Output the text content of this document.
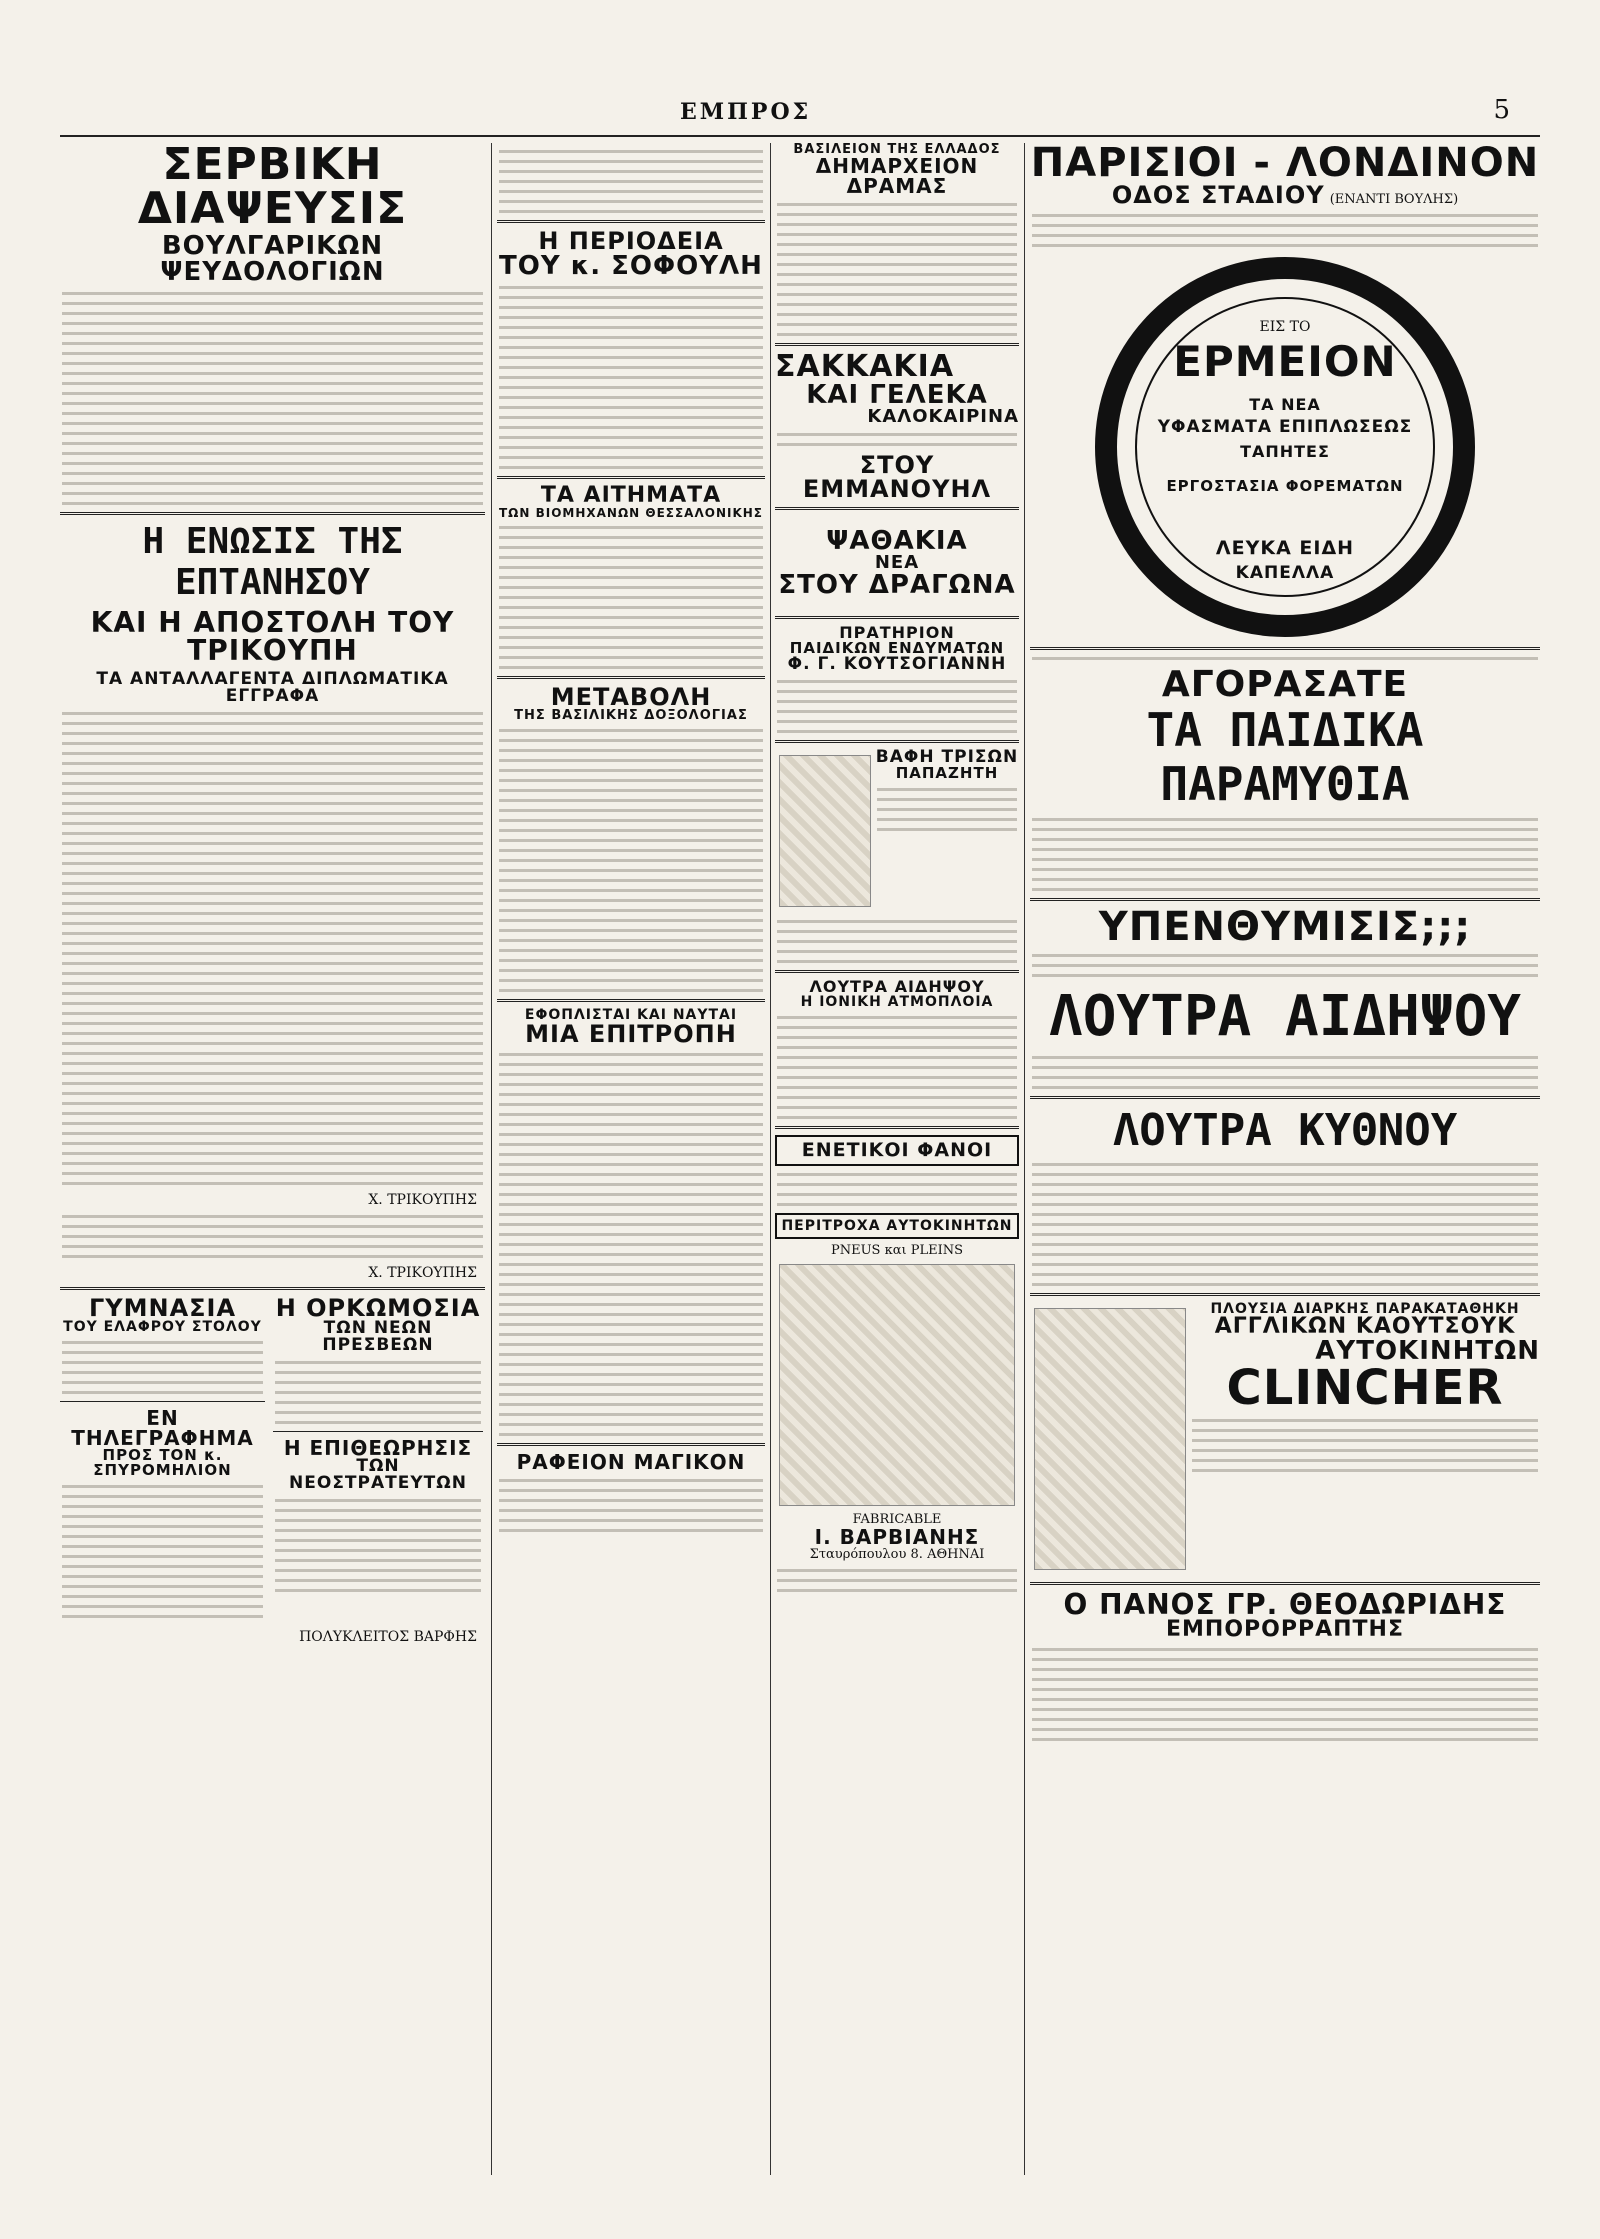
ΕΜΠΡΟΣ	5
ΣΕΡΒΙΚΗ ΔΙΑΨΕΥΣΙΣ
ΒΟΥΛΓΑΡΙΚΩΝ ΨΕΥΔΟΛΟΓΙΩΝ
Η ΕΝΩΣΙΣ ΤΗΣ ΕΠΤΑΝΗΣΟΥ
ΚΑΙ Η ΑΠΟΣΤΟΛΗ ΤΟΥ ΤΡΙΚΟΥΠΗ
ΤΑ ΑΝΤΑΛΛΑΓΕΝΤΑ ΔΙΠΛΩΜΑΤΙΚΑ ΕΓΓΡΑΦΑ
Χ. ΤΡΙΚΟΥΠΗΣ
Χ. ΤΡΙΚΟΥΠΗΣ
ΓΥΜΝΑΣΙΑ
ΤΟΥ ΕΛΑΦΡΟΥ ΣΤΟΛΟΥ
ΕΝ ΤΗΛΕΓΡΑΦΗΜΑ
ΠΡΟΣ ΤΟΝ κ. ΣΠΥΡΟΜΗΛΙΟΝ
Η ΟΡΚΩΜΟΣΙΑ
ΤΩΝ ΝΕΩΝ ΠΡΕΣΒΕΩΝ
Η ΕΠΙΘΕΩΡΗΣΙΣ
ΤΩΝ ΝΕΟΣΤΡΑΤΕΥΤΩΝ
ΠΟΛΥΚΛΕΙΤΟΣ ΒΑΡΦΗΣ
Η ΠΕΡΙΟΔΕΙΑ
ΤΟΥ κ. ΣΟΦΟΥΛΗ
ΤΑ ΑΙΤΗΜΑΤΑ
ΤΩΝ ΒΙΟΜΗΧΑΝΩΝ ΘΕΣΣΑΛΟΝΙΚΗΣ
ΜΕΤΑΒΟΛΗ
ΤΗΣ ΒΑΣΙΛΙΚΗΣ ΔΟΞΟΛΟΓΙΑΣ
ΕΦΟΠΛΙΣΤΑΙ ΚΑΙ ΝΑΥΤΑΙ
ΜΙΑ ΕΠΙΤΡΟΠΗ
ΡΑΦΕΙΟΝ ΜΑΓΙΚΟΝ
ΒΑΣΙΛΕΙΟΝ ΤΗΣ ΕΛΛΑΔΟΣ
ΔΗΜΑΡΧΕΙΟΝ ΔΡΑΜΑΣ
ΣΑΚΚΑΚΙΑ
ΚΑΙ ΓΕΛΕΚΑ
ΚΑΛΟΚΑΙΡΙΝΑ
ΣΤΟΥ ΕΜΜΑΝΟΥΗΛ
ΨΑΘΑΚΙΑ
ΝΕΑ
ΣΤΟΥ ΔΡΑΓΩΝΑ
ΠΡΑΤΗΡΙΟΝ
ΠΑΙΔΙΚΩΝ ΕΝΔΥΜΑΤΩΝ
Φ. Γ. ΚΟΥΤΣΟΓΙΑΝΝΗ
ΒΑΦΗ ΤΡΙΣΩΝ
ΠΑΠΑΖΗΤΗ
ΛΟΥΤΡΑ ΑΙΔΗΨΟΥ
Η ΙΟΝΙΚΗ ΑΤΜΟΠΛΟΙΑ
ΕΝΕΤΙΚΟΙ ΦΑΝΟΙ
ΠΕΡΙΤΡΟΧΑ ΑΥΤΟΚΙΝΗΤΩΝ
PNEUS και PLEINS
FABRICABLE
Ι. ΒΑΡΒΙΑΝΗΣ
Σταυρόπουλου 8. ΑΘΗΝΑΙ
ΠΑΡΙΣΙΟΙ - ΛΟΝΔΙΝΟΝ
ΟΔΟΣ ΣΤΑΔΙΟΥ (ΕΝΑΝΤΙ ΒΟΥΛΗΣ)
ΕΙΣ ΤΟ
ΕΡΜΕΙΟΝ
ΤΑ ΝΕΑ
ΥΦΑΣΜΑΤΑ ΕΠΙΠΛΩΣΕΩΣ
ΤΑΠΗΤΕΣ
ΕΡΓΟΣΤΑΣΙΑ ΦΟΡΕΜΑΤΩΝ
ΛΕΥΚΑ ΕΙΔΗ
ΚΑΠΕΛΛΑ
ΑΓΟΡΑΣΑΤΕ
ΤΑ ΠΑΙΔΙΚΑ ΠΑΡΑΜΥΘΙΑ
ΥΠΕΝΘΥΜΙΣΙΣ;;;
ΛΟΥΤΡΑ ΑΙΔΗΨΟΥ
ΛΟΥΤΡΑ ΚΥΘΝΟΥ
ΠΛΟΥΣΙΑ ΔΙΑΡΚΗΣ ΠΑΡΑΚΑΤΑΘΗΚΗ
ΑΓΓΛΙΚΩΝ ΚΑΟΥΤΣΟΥΚ
ΑΥΤΟΚΙΝΗΤΩΝ
CLINCHER
Ο ΠΑΝΟΣ ΓΡ. ΘΕΟΔΩΡΙΔΗΣ
ΕΜΠΟΡΟΡΡΑΠΤΗΣ
